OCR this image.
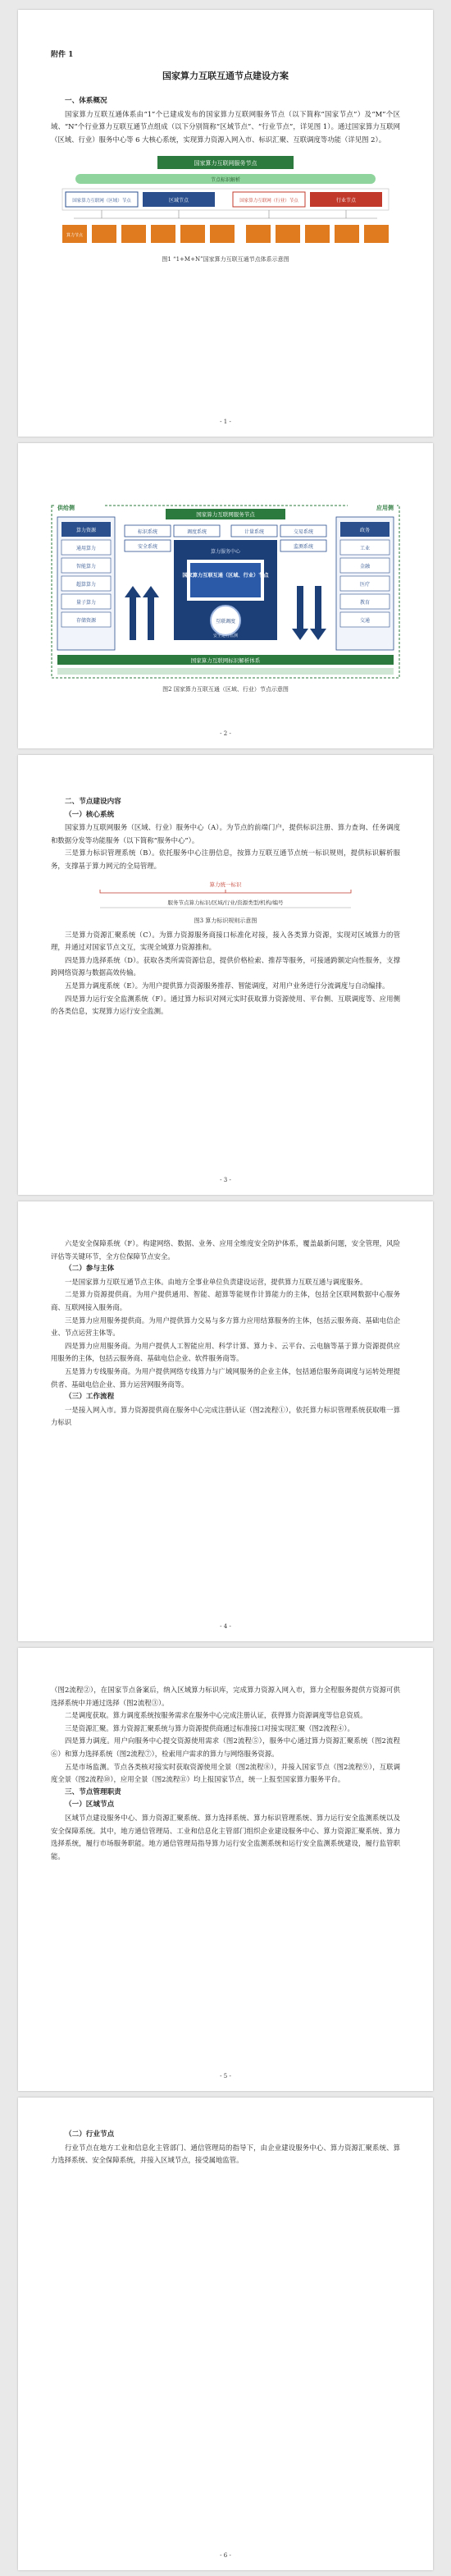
附件 1
国家算力互联互通节点建设方案

一、体系概况

国家算力互联互通体系由“1”个已建成发布的国家算力互联网服务节点（以下简称“国家节点”）及“M”个区域、“N”个行业算力互联互通节点组成（以下分别简称“区域节点”、“行业节点”，详见图 1）。通过国家算力互联网（区域、行业）服务中心等 6 大核心系统，实现算力资源入网入市、标识汇聚、互联调度等功能（详见图 2）。

国家算力互联网服务节点
节点标识解析
国家算力互联网（区域）节点	区域节点	国家算力互联网（行业）节点	行业节点
算力节点
图1 “1+M+N”国家算力互联互通节点体系示意图
- 1 -
供给侧	应用侧
国家算力互联网服务节点
算力资源
通用算力
智能算力
超算算力
量子算力
存储资源
政务
工业
金融
医疗
教育
交通
标识系统	调度系统	计量系统	交易系统
安全系统	监测系统
算力服务中心
国家算力互联互通（区域、行业）节点
互联调度
安全运行监测
国家算力互联网标识解析体系
图2 国家算力互联互通（区域、行业）节点示意图
- 2 -

二、节点建设内容

（一）核心系统

国家算力互联网服务（区域、行业）服务中心（A）。为节点的前端门户，提供标识注册、算力查询、任务调度和数据分发等功能服务（以下简称“服务中心”）。

三是算力标识管理系统（B）。依托服务中心注册信息，按算力互联互通节点统一标识规则，提供标识解析服务，支撑基于算力网元的全局管理。

算力统一标识
服务节点算力标识/区域/行业/资源类型/机构/编号
图3 算力标识规则示意图

三是算力资源汇聚系统（C）。为算力资源服务商接口标准化对接，接入各类算力资源，实现对区域算力的管理，并通过对国家节点文互，实现全域算力资源推和。

四是算力选择系统（D）。获取各类所需资源信息，提供价格检索、推荐等服务，可接通跨额定向性服务，支撑跨网络资源与数据高效传输。

五是算力调度系统（E）。为用户提供算力资源服务推荐、智能调度，对用户业务进行分流调度与自动编排。

四是算力运行安全监测系统（F）。通过算力标识对网元实时获取算力资源使用、平台侧、互联调度等、应用侧的各类信息，实现算力运行安全监测。

- 3 -

六是安全保障系统（F）。构建网络、数据、业务、应用全维度安全防护体系，覆盖最新问题，安全管理，风险评估等关键环节，全方位保障节点安全。

（二）参与主体

一是国家算力互联互通节点主体。由地方全事业单位负责建设运营，提供算力互联互通与调度服务。

二是算力资源提供商。为用户提供通用、智能、超算等能规作计算能力的主体，包括全区联网数据中心服务商、互联网接入服务商。

三是算力应用服务提供商。为用户提供算力交易与多方算力应用结算服务的主体，包括云服务商、基础电信企业、节点运营主体等。

四是算力应用服务商。为用户提供人工智能应用、科学计算、算力卡、云平台、云电脑等基于算力资源提供应用服务的主体，包括云服务商、基础电信企业、软件服务商等。

五是算力专线服务商。为用户提供网络专线算力与广域网服务的企业主体，包括通信服务商调度与运转处理提供者、基础电信企业、算力运营网服务商等。

（三）工作流程

一是接入网入市。算力资源提供商在服务中心完成注册认证（图2流程①），依托算力标识管理系统获取唯一算力标识

- 4 -

（图2流程②），在国家节点备案后，纳入区域算力标识库，完成算力资源入网入市，算力全程服务提供方资源可供选择系统中并通过选择（图2流程③）。

二是调度获取。算力调度系统按服务需求在服务中心完成注册认证，获得算力资源调度等信息资质。

三是资源汇聚。算力资源汇聚系统与算力资源提供商通过标准接口对接实现汇聚（图2流程④）。

四是算力调度。用户向服务中心提交资源使用需求（图2流程⑤），服务中心通过算力资源汇聚系统（图2流程⑥）和算力选择系统（图2流程⑦），检索用户需求的算力与网络服务资源。

五是市场监测。节点各类核对接实时获取资源使用全景（图2流程⑧），并接入国家节点（图2流程⑨），互联调度全景（图2流程⑩），应用全景（图2流程⑪）均上报国家节点，统一上报至国家算力服务平台。

三、节点管理职责

（一）区域节点

区域节点建设服务中心、算力资源汇聚系统、算力选择系统、算力标识管理系统、算力运行安全监测系统以及安全保障系统。其中，地方通信管理局、工业和信息化主管部门组织企业建设服务中心、算力资源汇聚系统、算力选择系统，履行市场服务职能。地方通信管理局指导算力运行安全监测系统和运行安全监测系统建设，履行监管职能。

- 5 -

（二）行业节点

行业节点在地方工业和信息化主管部门、通信管理局的指导下，由企业建设服务中心、算力资源汇聚系统、算力选择系统、安全保障系统，并接入区域节点，接受属地监管。

- 6 -
